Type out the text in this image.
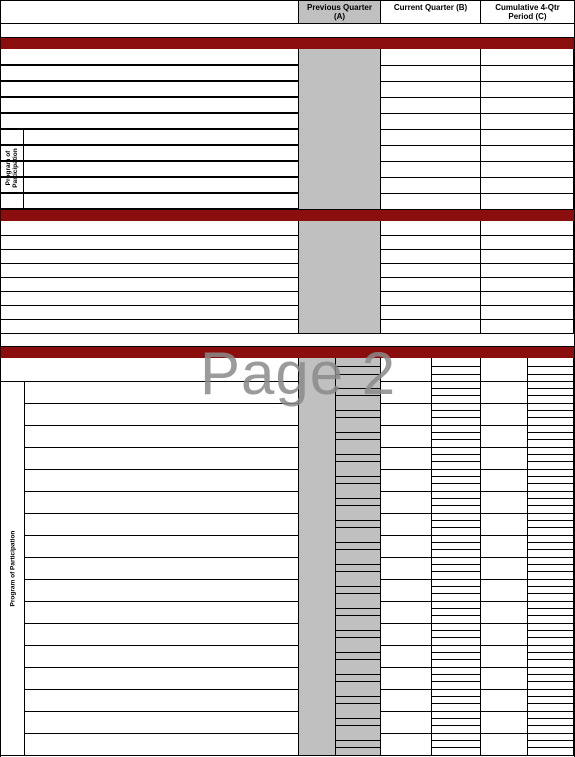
Previous Quarter (A)
Current Quarter (B)	Cumulative 4-Qtr Period (C)
Program of Participation
Program of Participation
Page 2
